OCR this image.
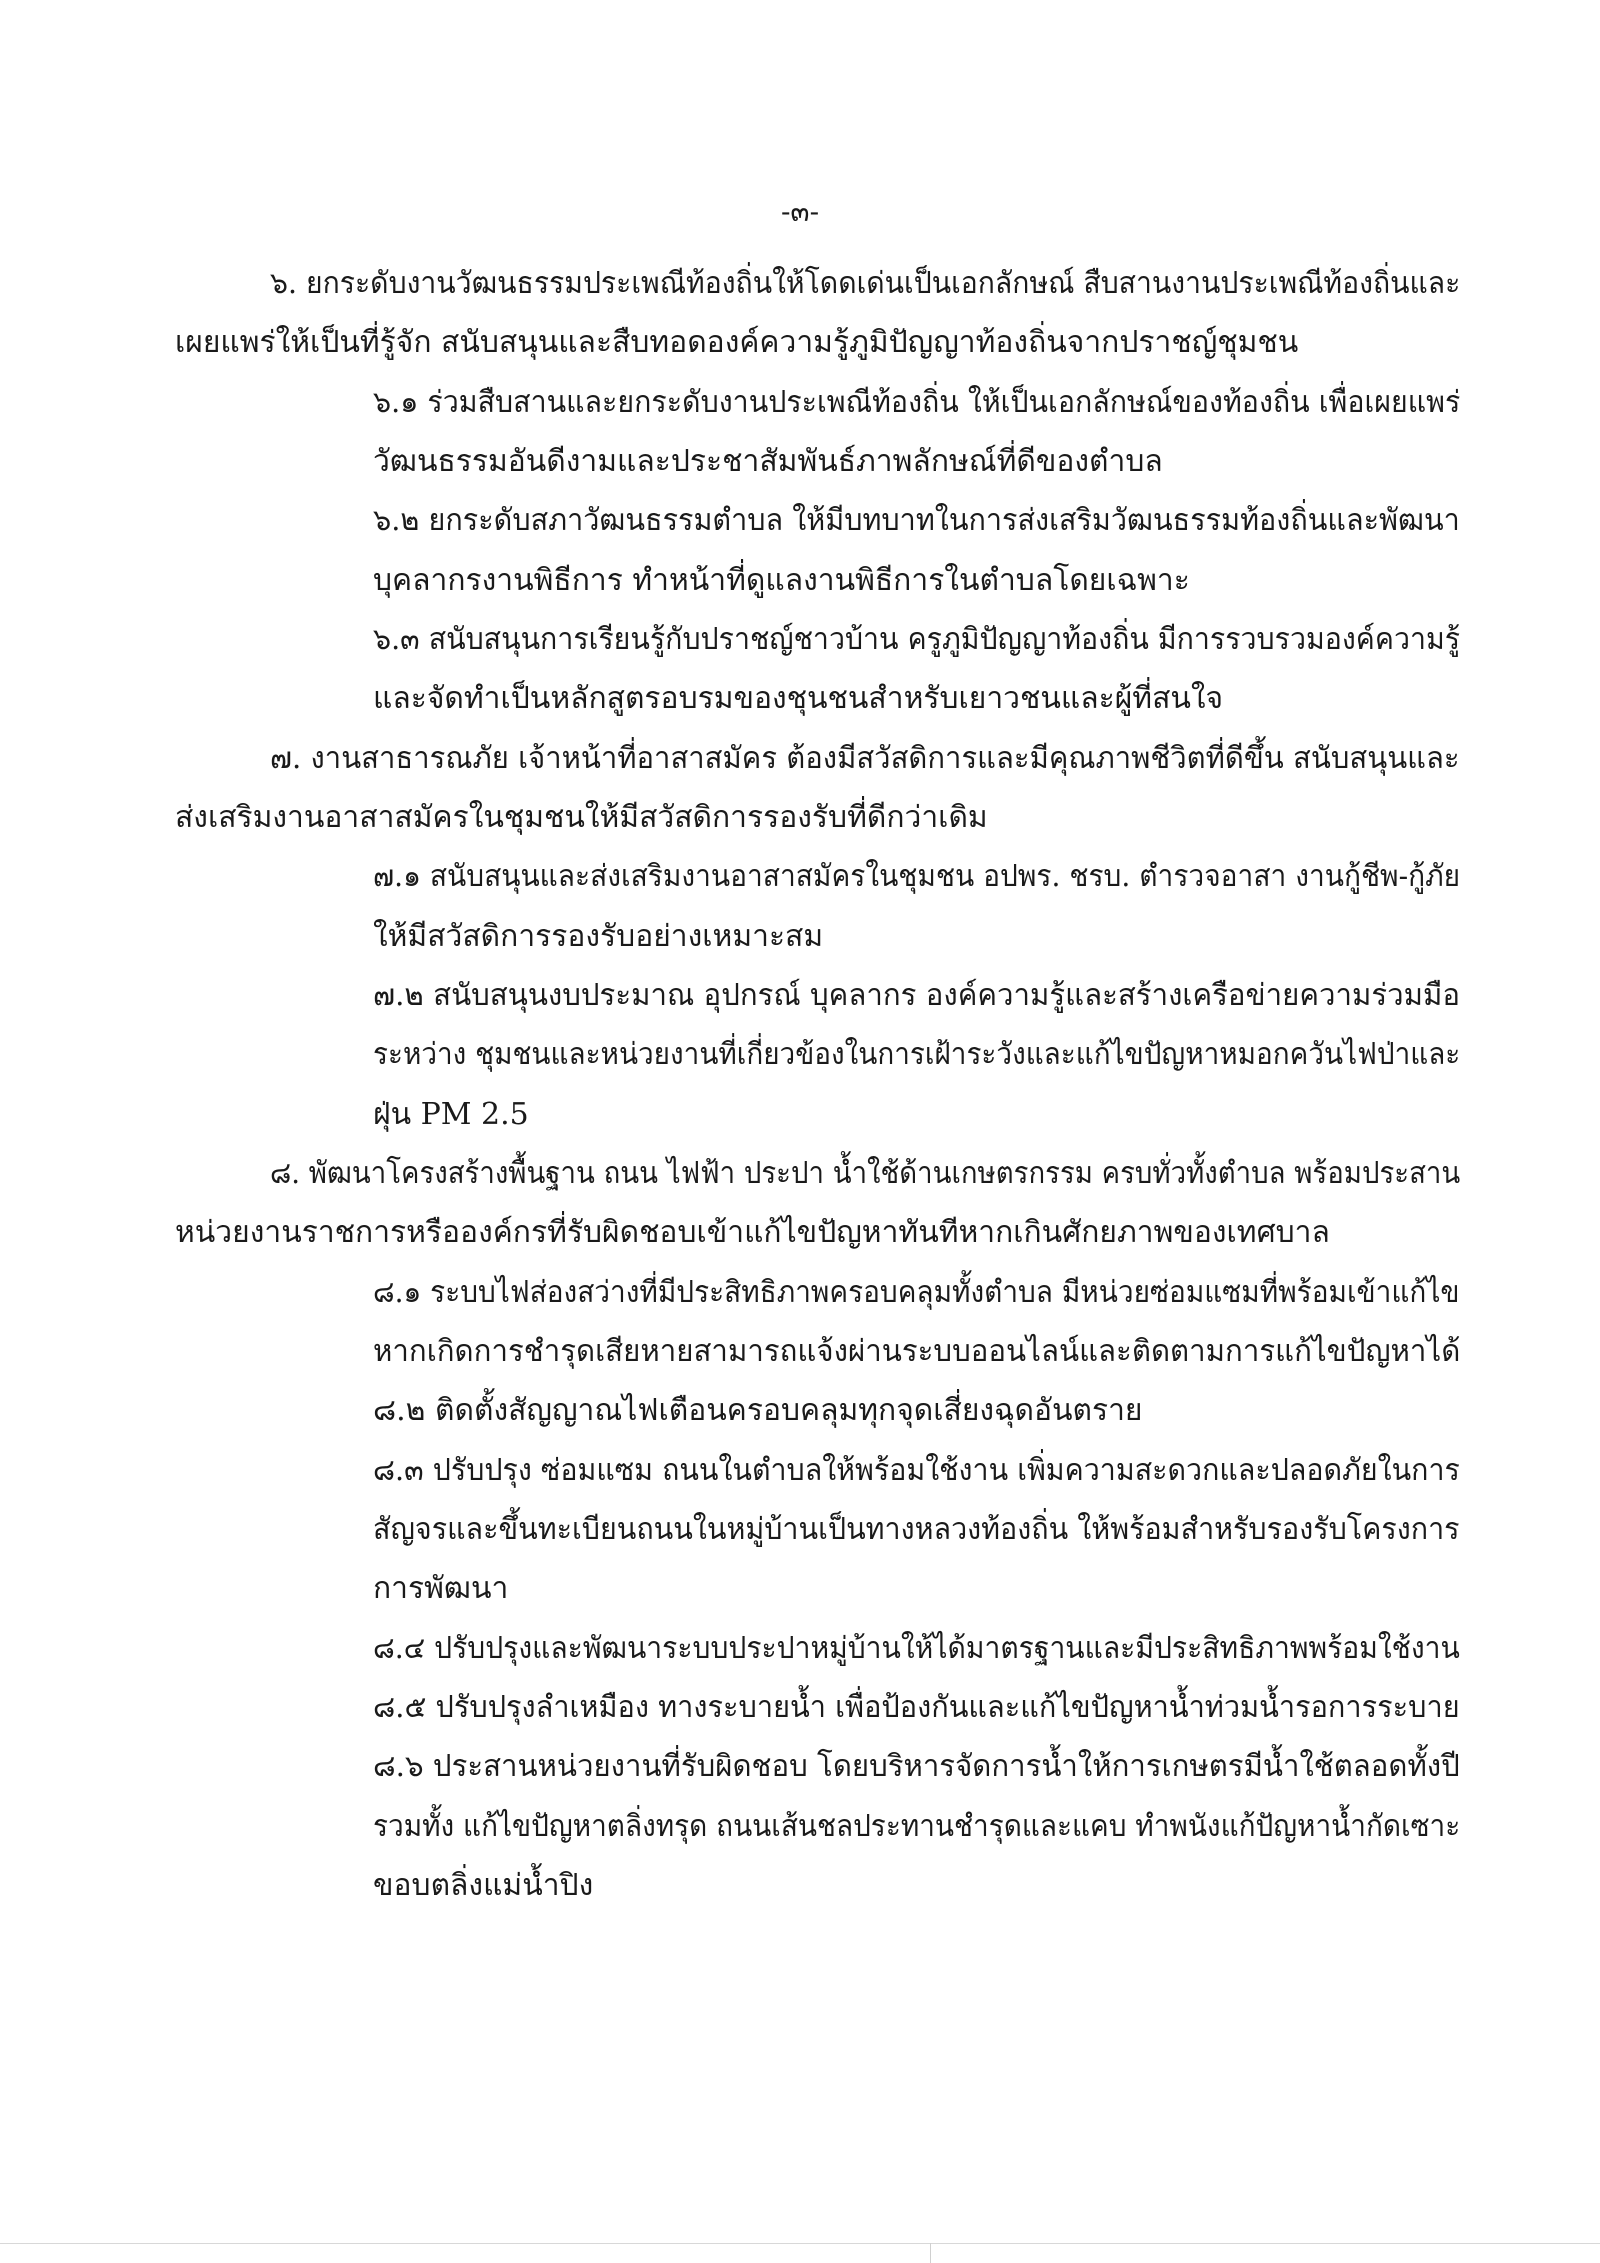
-๓-
๖. ยกระดับงานวัฒนธรรมประเพณีท้องถิ่นให้โดดเด่นเป็นเอกลักษณ์ สืบสานงานประเพณีท้องถิ่นและ
เผยแพร่ให้เป็นที่รู้จัก สนับสนุนและสืบทอดองค์ความรู้ภูมิปัญญาท้องถิ่นจากปราชญ์ชุมชน
๖.๑ ร่วมสืบสานและยกระดับงานประเพณีท้องถิ่น ให้เป็นเอกลักษณ์ของท้องถิ่น เพื่อเผยแพร่
วัฒนธรรมอันดีงามและประชาสัมพันธ์ภาพลักษณ์ที่ดีของตำบล
๖.๒ ยกระดับสภาวัฒนธรรมตำบล ให้มีบทบาทในการส่งเสริมวัฒนธรรมท้องถิ่นและพัฒนา
บุคลากรงานพิธีการ ทำหน้าที่ดูแลงานพิธีการในตำบลโดยเฉพาะ
๖.๓ สนับสนุนการเรียนรู้กับปราชญ์ชาวบ้าน ครูภูมิปัญญาท้องถิ่น มีการรวบรวมองค์ความรู้
และจัดทำเป็นหลักสูตรอบรมของชุนชนสำหรับเยาวชนและผู้ที่สนใจ
๗. งานสาธารณภัย เจ้าหน้าที่อาสาสมัคร ต้องมีสวัสดิการและมีคุณภาพชีวิตที่ดีขึ้น สนับสนุนและ
ส่งเสริมงานอาสาสมัครในชุมชนให้มีสวัสดิการรองรับที่ดีกว่าเดิม
๗.๑ สนับสนุนและส่งเสริมงานอาสาสมัครในชุมชน อปพร. ชรบ. ตำรวจอาสา งานกู้ชีพ-กู้ภัย
ให้มีสวัสดิการรองรับอย่างเหมาะสม
๗.๒ สนับสนุนงบประมาณ อุปกรณ์ บุคลากร องค์ความรู้และสร้างเครือข่ายความร่วมมือ
ระหว่าง ชุมชนและหน่วยงานที่เกี่ยวข้องในการเฝ้าระวังและแก้ไขปัญหาหมอกควันไฟป่าและ
ฝุ่น PM 2.5
๘. พัฒนาโครงสร้างพื้นฐาน ถนน ไฟฟ้า ประปา น้ำใช้ด้านเกษตรกรรม ครบทั่วทั้งตำบล พร้อมประสาน
หน่วยงานราชการหรือองค์กรที่รับผิดชอบเข้าแก้ไขปัญหาทันทีหากเกินศักยภาพของเทศบาล
๘.๑ ระบบไฟส่องสว่างที่มีประสิทธิภาพครอบคลุมทั้งตำบล มีหน่วยซ่อมแซมที่พร้อมเข้าแก้ไข
หากเกิดการชำรุดเสียหายสามารถแจ้งผ่านระบบออนไลน์และติดตามการแก้ไขปัญหาได้
๘.๒ ติดตั้งสัญญาณไฟเตือนครอบคลุมทุกจุดเสี่ยงฉุดอันตราย
๘.๓ ปรับปรุง ซ่อมแซม ถนนในตำบลให้พร้อมใช้งาน เพิ่มความสะดวกและปลอดภัยในการ
สัญจรและขึ้นทะเบียนถนนในหมู่บ้านเป็นทางหลวงท้องถิ่น ให้พร้อมสำหรับรองรับโครงการ
การพัฒนา
๘.๔ ปรับปรุงและพัฒนาระบบประปาหมู่บ้านให้ได้มาตรฐานและมีประสิทธิภาพพร้อมใช้งาน
๘.๕ ปรับปรุงลำเหมือง ทางระบายน้ำ เพื่อป้องกันและแก้ไขปัญหาน้ำท่วมน้ำรอการระบาย
๘.๖ ประสานหน่วยงานที่รับผิดชอบ โดยบริหารจัดการน้ำให้การเกษตรมีน้ำใช้ตลอดทั้งปี
รวมทั้ง แก้ไขปัญหาตลิ่งทรุด ถนนเส้นชลประทานชำรุดและแคบ ทำพนังแก้ปัญหาน้ำกัดเซาะ
ขอบตลิ่งแม่น้ำปิง
